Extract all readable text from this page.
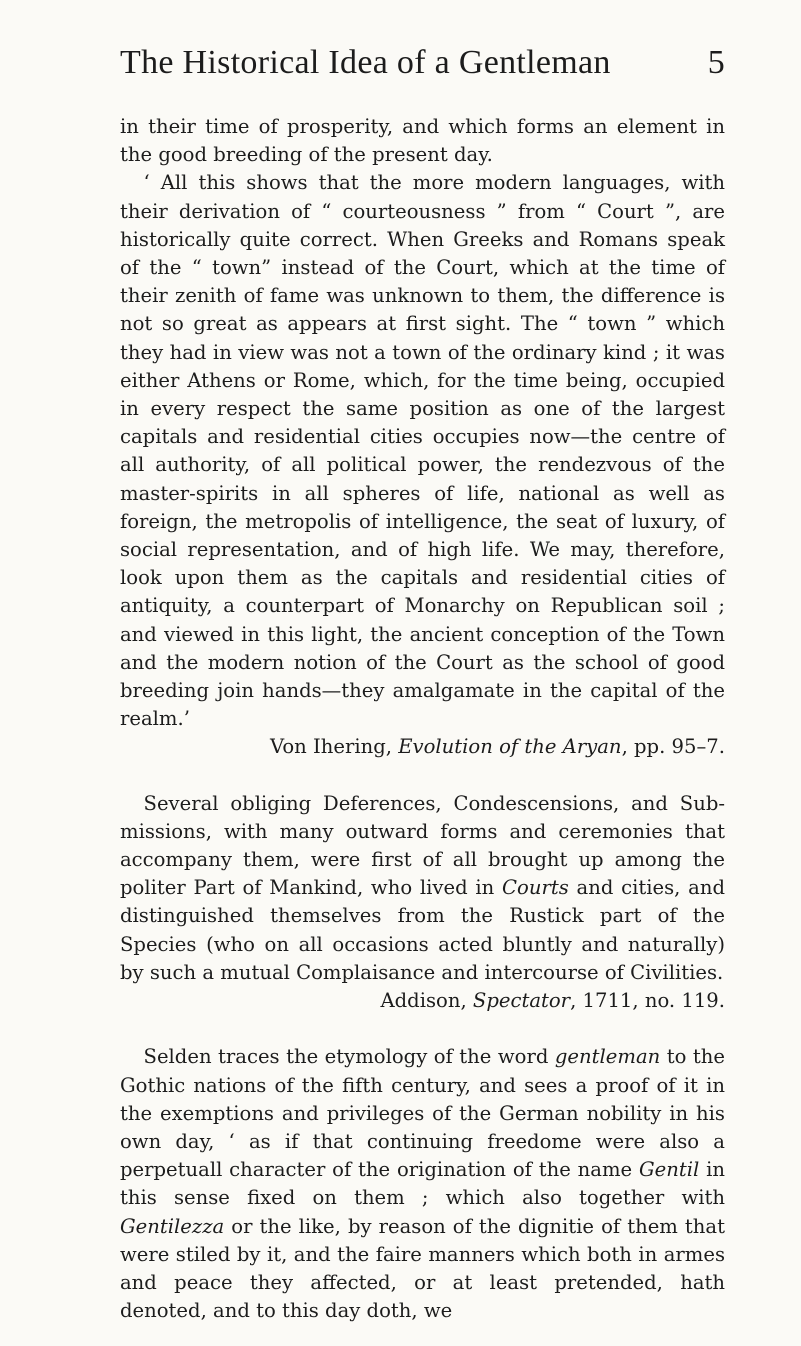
The Historical Idea of a Gentleman	5

in their time of prosperity, and which forms an element in the good breeding of the present day.

‘ All this shows that the more modern languages, with their derivation of “ courteousness ” from “ Court ”, are historically quite correct. When Greeks and Romans speak of the “ town” instead of the Court, which at the time of their zenith of fame was unknown to them, the difference is not so great as appears at first sight. The “ town ” which they had in view was not a town of the ordinary kind ; it was either Athens or Rome, which, for the time being, occupied in every respect the same position as one of the largest capitals and residential cities occupies now—the centre of all authority, of all political power, the rendezvous of the master-spirits in all spheres of life, national as well as foreign, the metropolis of intelligence, the seat of luxury, of social representation, and of high life. We may, therefore, look upon them as the capitals and residential cities of antiquity, a counterpart of Monarchy on Republican soil ; and viewed in this light, the ancient conception of the Town and the modern notion of the Court as the school of good breeding join hands—they amalgamate in the capital of the realm.’

Von Ihering, Evolution of the Aryan, pp. 95–7.

Several obliging Deferences, Condescensions, and Sub-missions, with many outward forms and ceremonies that accompany them, were first of all brought up among the politer Part of Mankind, who lived in Courts and cities, and distinguished themselves from the Rustick part of the Species (who on all occasions acted bluntly and naturally) by such a mutual Complaisance and intercourse of Civilities.

Addison, Spectator, 1711, no. 119.

Selden traces the etymology of the word gentleman to the Gothic nations of the fifth century, and sees a proof of it in the exemptions and privileges of the German nobility in his own day, ‘ as if that continuing freedome were also a perpetuall character of the origination of the name Gentil in this sense fixed on them ; which also together with Gentilezza or the like, by reason of the dignitie of them that were stiled by it, and the faire manners which both in armes and peace they affected, or at least pretended, hath denoted, and to this day doth, we
